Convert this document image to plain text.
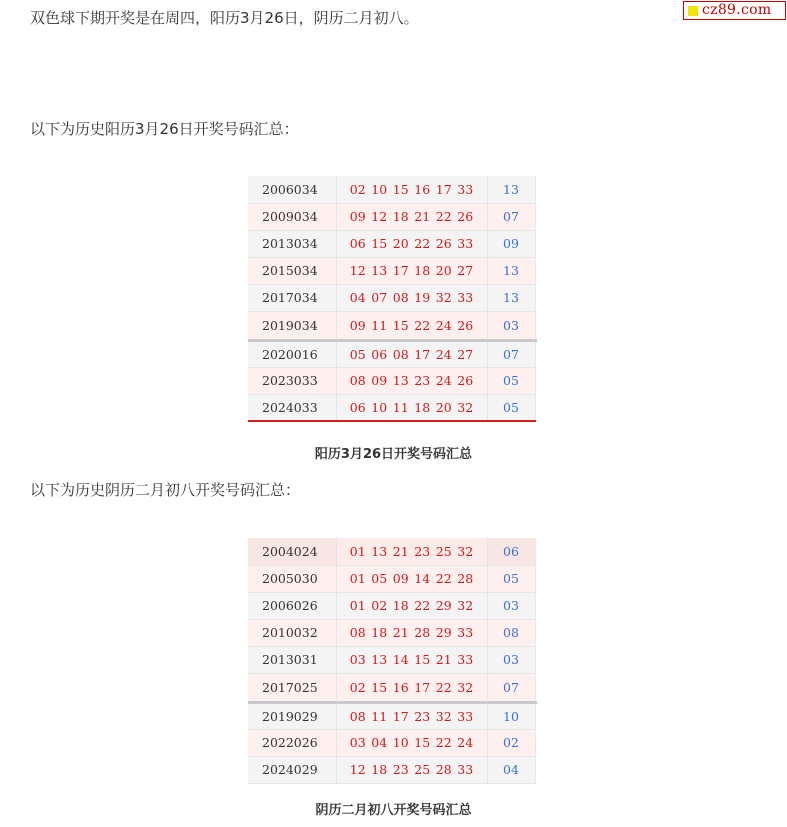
cz89.com

双色球下期开奖是在周四，阳历3月26日，阴历二月初八。

以下为历史阳历3月26日开奖号码汇总：

2006034	02 10 15 16 17 33	13	
2009034	09 12 18 21 22 26	07	
2013034	06 15 20 22 26 33	09	
2015034	12 13 17 18 20 27	13	
2017034	04 07 08 19 32 33	13	
2019034	09 11 15 22 24 26	03	
2020016	05 06 08 17 24 27	07	
2023033	08 09 13 23 24 26	05	
2024033	06 10 11 18 20 32	05	

阳历3月26日开奖号码汇总

以下为历史阴历二月初八开奖号码汇总：

2004024	01 13 21 23 25 32	06	
2005030	01 05 09 14 22 28	05	
2006026	01 02 18 22 29 32	03	
2010032	08 18 21 28 29 33	08	
2013031	03 13 14 15 21 33	03	
2017025	02 15 16 17 22 32	07	
2019029	08 11 17 23 32 33	10	
2022026	03 04 10 15 22 24	02	
2024029	12 18 23 25 28 33	04	

阴历二月初八开奖号码汇总
